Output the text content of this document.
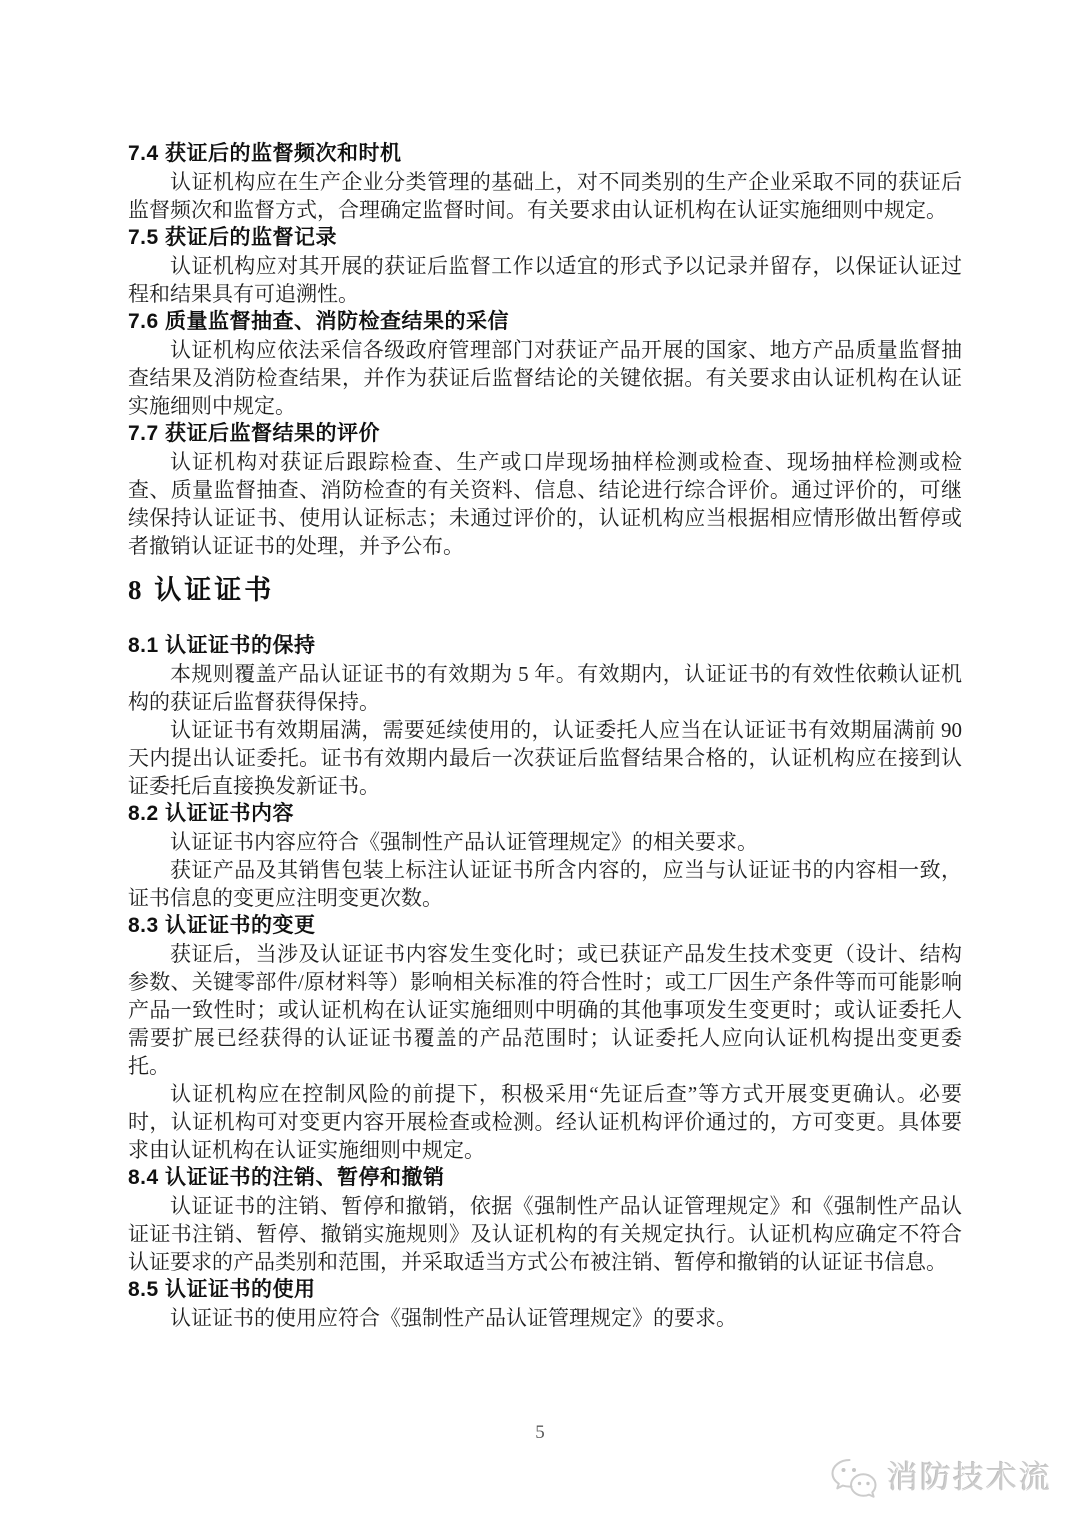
7.4 获证后的监督频次和时机

认证机构应在生产企业分类管理的基础上，对不同类别的生产企业采取不同的获证后监督频次和监督方式，合理确定监督时间。有关要求由认证机构在认证实施细则中规定。

7.5 获证后的监督记录

认证机构应对其开展的获证后监督工作以适宜的形式予以记录并留存，以保证认证过程和结果具有可追溯性。

7.6 质量监督抽查、消防检查结果的采信

认证机构应依法采信各级政府管理部门对获证产品开展的国家、地方产品质量监督抽查结果及消防检查结果，并作为获证后监督结论的关键依据。有关要求由认证机构在认证实施细则中规定。

7.7 获证后监督结果的评价

认证机构对获证后跟踪检查、生产或口岸现场抽样检测或检查、现场抽样检测或检查、质量监督抽查、消防检查的有关资料、信息、结论进行综合评价。通过评价的，可继续保持认证证书、使用认证标志；未通过评价的，认证机构应当根据相应情形做出暂停或者撤销认证证书的处理，并予公布。

8 认证证书
8.1 认证证书的保持

本规则覆盖产品认证证书的有效期为 5 年。有效期内，认证证书的有效性依赖认证机构的获证后监督获得保持。

认证证书有效期届满，需要延续使用的，认证委托人应当在认证证书有效期届满前 90 天内提出认证委托。证书有效期内最后一次获证后监督结果合格的，认证机构应在接到认证委托后直接换发新证书。

8.2 认证证书内容

认证证书内容应符合《强制性产品认证管理规定》的相关要求。

获证产品及其销售包装上标注认证证书所含内容的，应当与认证证书的内容相一致，证书信息的变更应注明变更次数。

8.3 认证证书的变更

获证后，当涉及认证证书内容发生变化时；或已获证产品发生技术变更（设计、结构参数、关键零部件/原材料等）影响相关标准的符合性时；或工厂因生产条件等而可能影响产品一致性时；或认证机构在认证实施细则中明确的其他事项发生变更时；或认证委托人需要扩展已经获得的认证证书覆盖的产品范围时；认证委托人应向认证机构提出变更委托。

认证机构应在控制风险的前提下，积极采用“先证后查”等方式开展变更确认。必要时，认证机构可对变更内容开展检查或检测。经认证机构评价通过的，方可变更。具体要求由认证机构在认证实施细则中规定。

8.4 认证证书的注销、暂停和撤销

认证证书的注销、暂停和撤销，依据《强制性产品认证管理规定》和《强制性产品认证证书注销、暂停、撤销实施规则》及认证机构的有关规定执行。认证机构应确定不符合认证要求的产品类别和范围，并采取适当方式公布被注销、暂停和撤销的认证证书信息。

8.5 认证证书的使用

认证证书的使用应符合《强制性产品认证管理规定》的要求。

5
消防技术流
